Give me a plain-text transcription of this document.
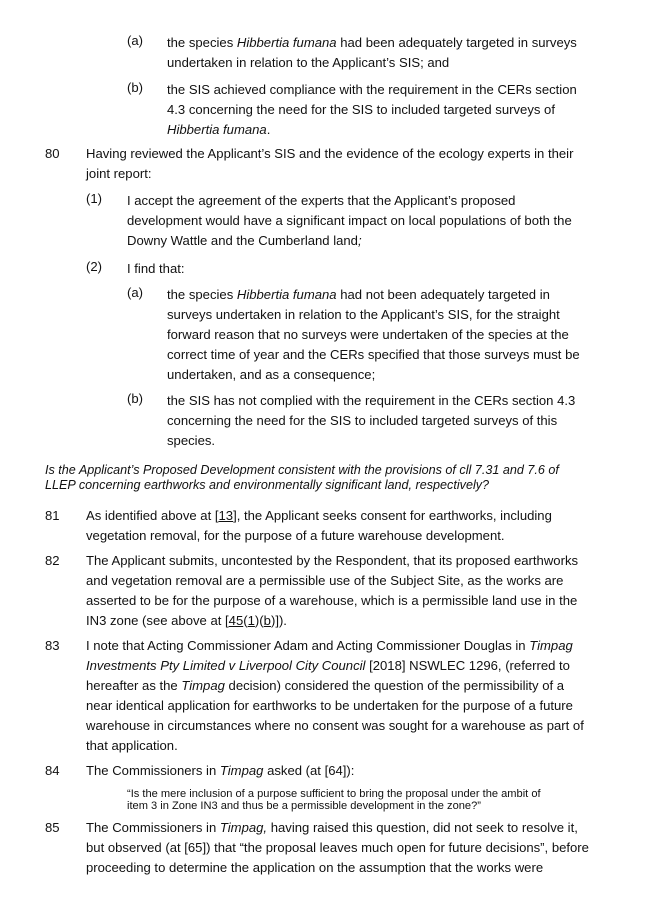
(a) the species Hibbertia fumana had been adequately targeted in surveys
undertaken in relation to the Applicant’s SIS; and
(b) the SIS achieved compliance with the requirement in the CERs section
4.3 concerning the need for the SIS to included targeted surveys of
Hibbertia fumana.
80 Having reviewed the Applicant’s SIS and the evidence of the ecology experts in their
joint report:
(1) I accept the agreement of the experts that the Applicant’s proposed
development would have a significant impact on local populations of both the
Downy Wattle and the Cumberland land;
(2) I find that:
(a) the species Hibbertia fumana had not been adequately targeted in
surveys undertaken in relation to the Applicant’s SIS, for the straight
forward reason that no surveys were undertaken of the species at the
correct time of year and the CERs specified that those surveys must be
undertaken, and as a consequence;
(b) the SIS has not complied with the requirement in the CERs section 4.3
concerning the need for the SIS to included targeted surveys of this
species.
Is the Applicant’s Proposed Development consistent with the provisions of cll 7.31 and 7.6 of
LLEP concerning earthworks and environmentally significant land, respectively?
81 As identified above at [13], the Applicant seeks consent for earthworks, including
vegetation removal, for the purpose of a future warehouse development.
82 The Applicant submits, uncontested by the Respondent, that its proposed earthworks
and vegetation removal are a permissible use of the Subject Site, as the works are
asserted to be for the purpose of a warehouse, which is a permissible land use in the
IN3 zone (see above at [45(1)(b)]).
83 I note that Acting Commissioner Adam and Acting Commissioner Douglas in Timpag
Investments Pty Limited v Liverpool City Council [2018] NSWLEC 1296, (referred to
hereafter as the Timpag decision) considered the question of the permissibility of a
near identical application for earthworks to be undertaken for the purpose of a future
warehouse in circumstances where no consent was sought for a warehouse as part of
that application.
84 The Commissioners in Timpag asked (at [64]):
“Is the mere inclusion of a purpose sufficient to bring the proposal under the ambit of
item 3 in Zone IN3 and thus be a permissible development in the zone?”
85 The Commissioners in Timpag, having raised this question, did not seek to resolve it,
but observed (at [65]) that “the proposal leaves much open for future decisions”, before
proceeding to determine the application on the assumption that the works were
